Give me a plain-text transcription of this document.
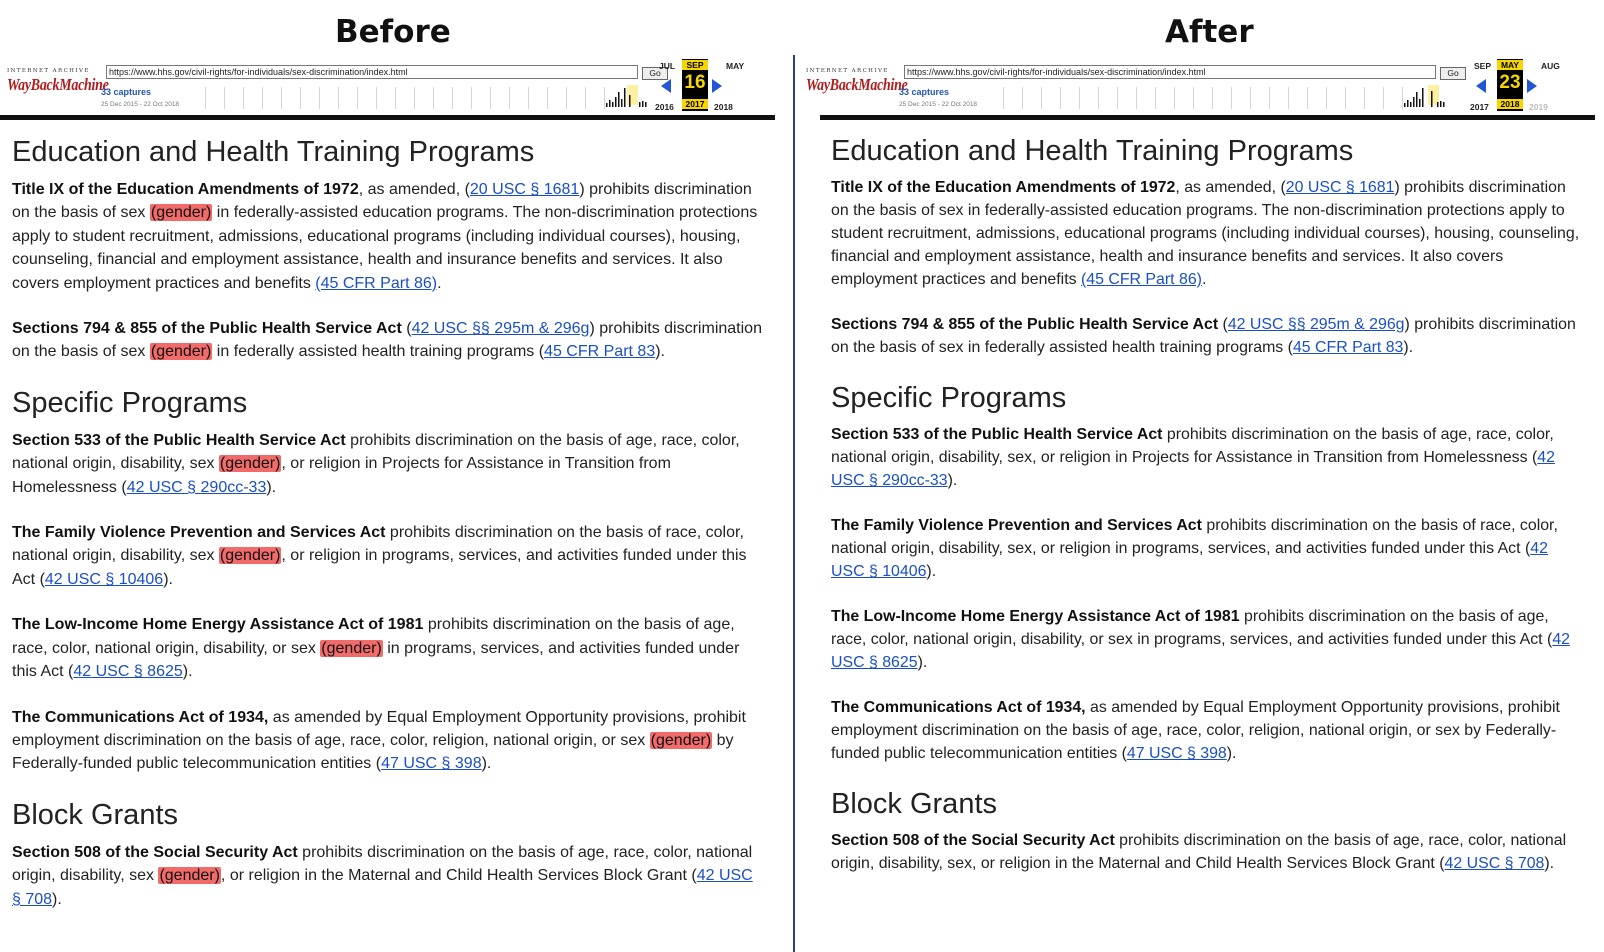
Before	After
INTERNET ARCHIVE
WayBackMachine
https://www.hhs.gov/civil-rights/for-individuals/sex-discrimination/index.html	Go
33 captures
25 Dec 2015 - 22 Oct 2018
JUL	MAY
SEP
16
2017
2016	2018
Education and Health Training Programs

Title IX of the Education Amendments of 1972, as amended, (20 USC § 1681) prohibits discrimination on the basis of sex (gender) in federally-assisted education programs. The non-discrimination protections apply to student recruitment, admissions, educational programs (including individual courses), housing, counseling, financial and employment assistance, health and insurance benefits and services. It also covers employment practices and benefits (45 CFR Part 86).

Sections 794 & 855 of the Public Health Service Act (42 USC §§ 295m & 296g) prohibits discrimination on the basis of sex (gender) in federally assisted health training programs (45 CFR Part 83).

Specific Programs

Section 533 of the Public Health Service Act prohibits discrimination on the basis of age, race, color, national origin, disability, sex (gender), or religion in Projects for Assistance in Transition from Homelessness (42 USC § 290cc-33).

The Family Violence Prevention and Services Act prohibits discrimination on the basis of race, color, national origin, disability, sex (gender), or religion in programs, services, and activities funded under this Act (42 USC § 10406).

The Low-Income Home Energy Assistance Act of 1981 prohibits discrimination on the basis of age, race, color, national origin, disability, or sex (gender) in programs, services, and activities funded under this Act (42 USC § 8625).

The Communications Act of 1934, as amended by Equal Employment Opportunity provisions, prohibit employment discrimination on the basis of age, race, color, religion, national origin, or sex (gender) by Federally-funded public telecommunication entities (47 USC § 398).

Block Grants

Section 508 of the Social Security Act prohibits discrimination on the basis of age, race, color, national origin, disability, sex (gender), or religion in the Maternal and Child Health Services Block Grant (42 USC § 708).

INTERNET ARCHIVE
WayBackMachine
https://www.hhs.gov/civil-rights/for-individuals/sex-discrimination/index.html	Go
33 captures
25 Dec 2015 - 22 Oct 2018
SEP	AUG
MAY
23
2018
2017	2019
Education and Health Training Programs

Title IX of the Education Amendments of 1972, as amended, (20 USC § 1681) prohibits discrimination on the basis of sex in federally-assisted education programs. The non-discrimination protections apply to student recruitment, admissions, educational programs (including individual courses), housing, counseling, financial and employment assistance, health and insurance benefits and services. It also covers employment practices and benefits (45 CFR Part 86).

Sections 794 & 855 of the Public Health Service Act (42 USC §§ 295m & 296g) prohibits discrimination on the basis of sex in federally assisted health training programs (45 CFR Part 83).

Specific Programs

Section 533 of the Public Health Service Act prohibits discrimination on the basis of age, race, color, national origin, disability, sex, or religion in Projects for Assistance in Transition from Homelessness (42 USC § 290cc-33).

The Family Violence Prevention and Services Act prohibits discrimination on the basis of race, color, national origin, disability, sex, or religion in programs, services, and activities funded under this Act (42 USC § 10406).

The Low-Income Home Energy Assistance Act of 1981 prohibits discrimination on the basis of age, race, color, national origin, disability, or sex in programs, services, and activities funded under this Act (42 USC § 8625).

The Communications Act of 1934, as amended by Equal Employment Opportunity provisions, prohibit employment discrimination on the basis of age, race, color, religion, national origin, or sex by Federally-funded public telecommunication entities (47 USC § 398).

Block Grants

Section 508 of the Social Security Act prohibits discrimination on the basis of age, race, color, national origin, disability, sex, or religion in the Maternal and Child Health Services Block Grant (42 USC § 708).
